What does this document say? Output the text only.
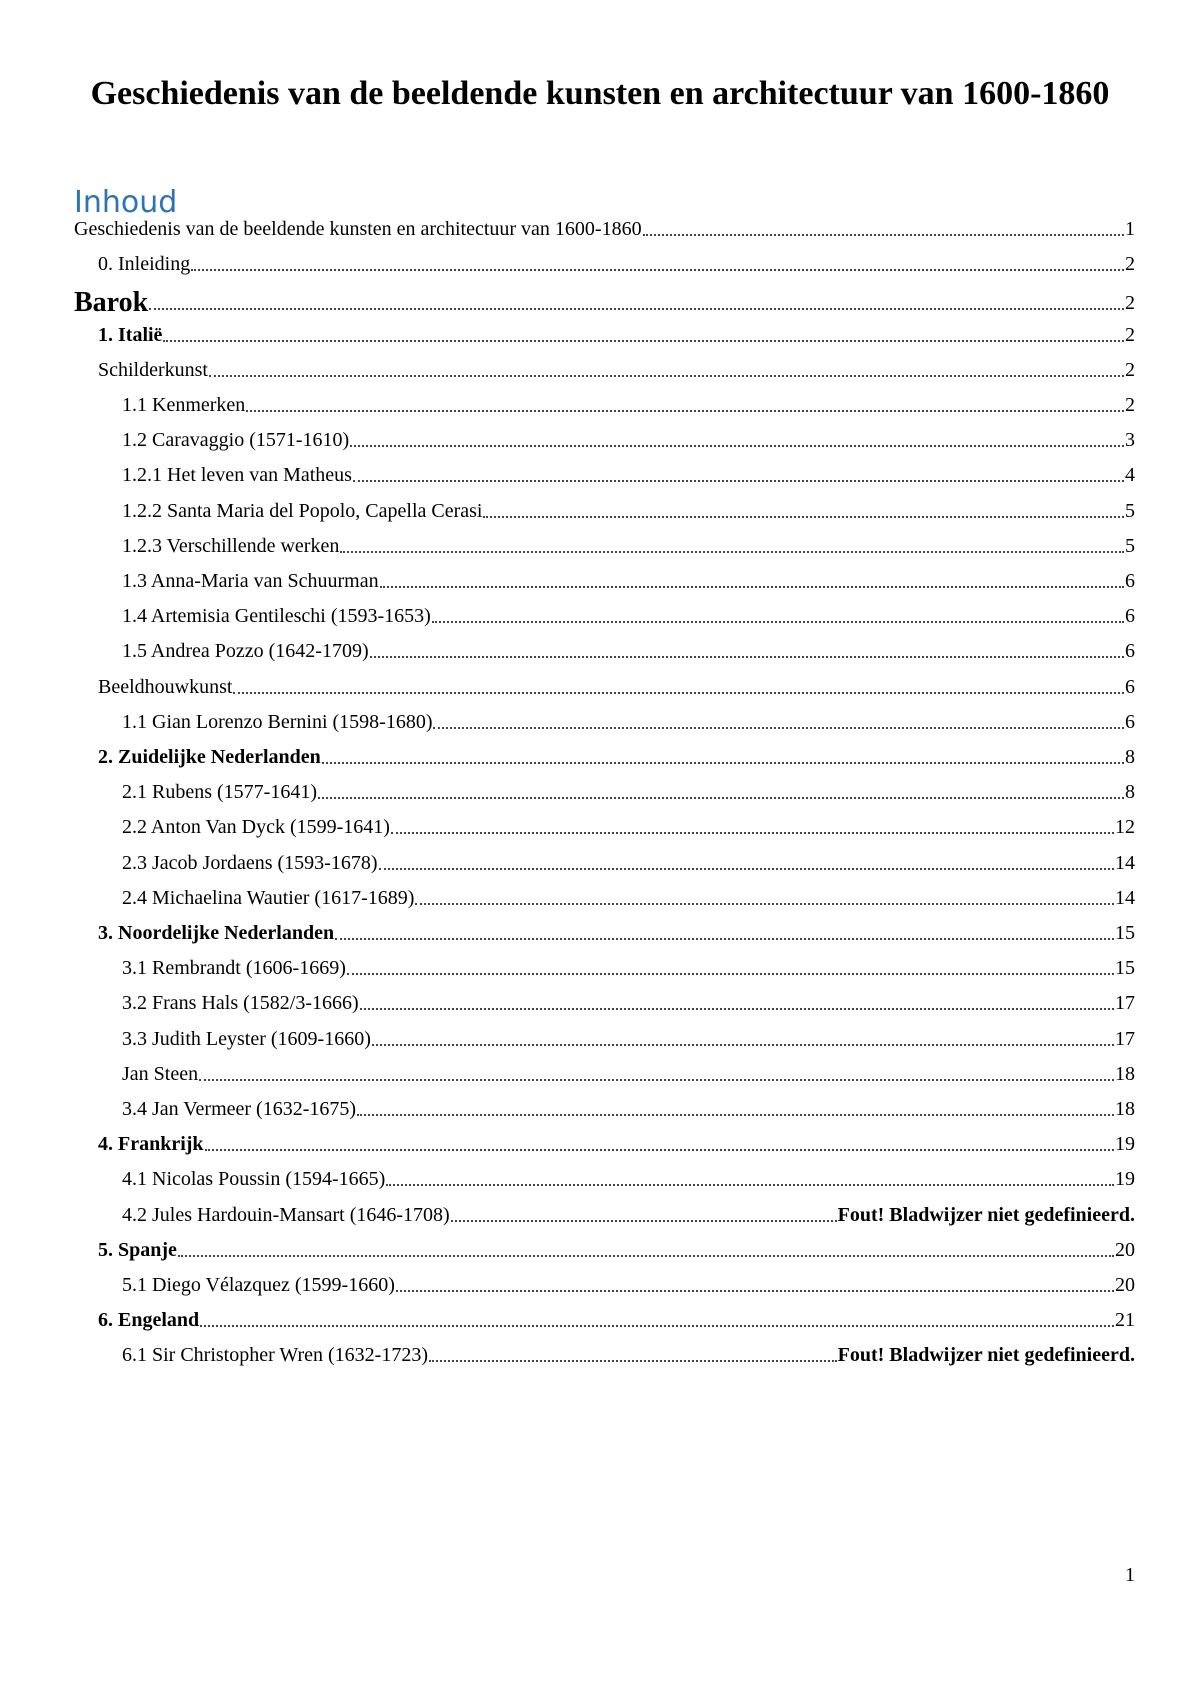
Geschiedenis van de beeldende kunsten en architectuur van 1600-1860
Inhoud
Geschiedenis van de beeldende kunsten en architectuur van 1600-1860	1
0. Inleiding	2
Barok	2
1. Italië	2
Schilderkunst	2
1.1 Kenmerken	2
1.2 Caravaggio (1571-1610)	3
1.2.1 Het leven van Matheus	4
1.2.2 Santa Maria del Popolo, Capella Cerasi	5
1.2.3 Verschillende werken	5
1.3 Anna-Maria van Schuurman	6
1.4 Artemisia Gentileschi (1593-1653)	6
1.5 Andrea Pozzo (1642-1709)	6
Beeldhouwkunst	6
1.1 Gian Lorenzo Bernini (1598-1680)	6
2. Zuidelijke Nederlanden	8
2.1 Rubens (1577-1641)	8
2.2 Anton Van Dyck (1599-1641)	12
2.3 Jacob Jordaens (1593-1678)	14
2.4 Michaelina Wautier (1617-1689)	14
3. Noordelijke Nederlanden	15
3.1 Rembrandt (1606-1669)	15
3.2 Frans Hals (1582/3-1666)	17
3.3 Judith Leyster (1609-1660)	17
Jan Steen	18
3.4 Jan Vermeer (1632-1675)	18
4. Frankrijk	19
4.1 Nicolas Poussin (1594-1665)	19
4.2 Jules Hardouin-Mansart (1646-1708)	Fout! Bladwijzer niet gedefinieerd.
5. Spanje	20
5.1 Diego Vélazquez (1599-1660)	20
6. Engeland	21
6.1 Sir Christopher Wren (1632-1723)	Fout! Bladwijzer niet gedefinieerd.
1
